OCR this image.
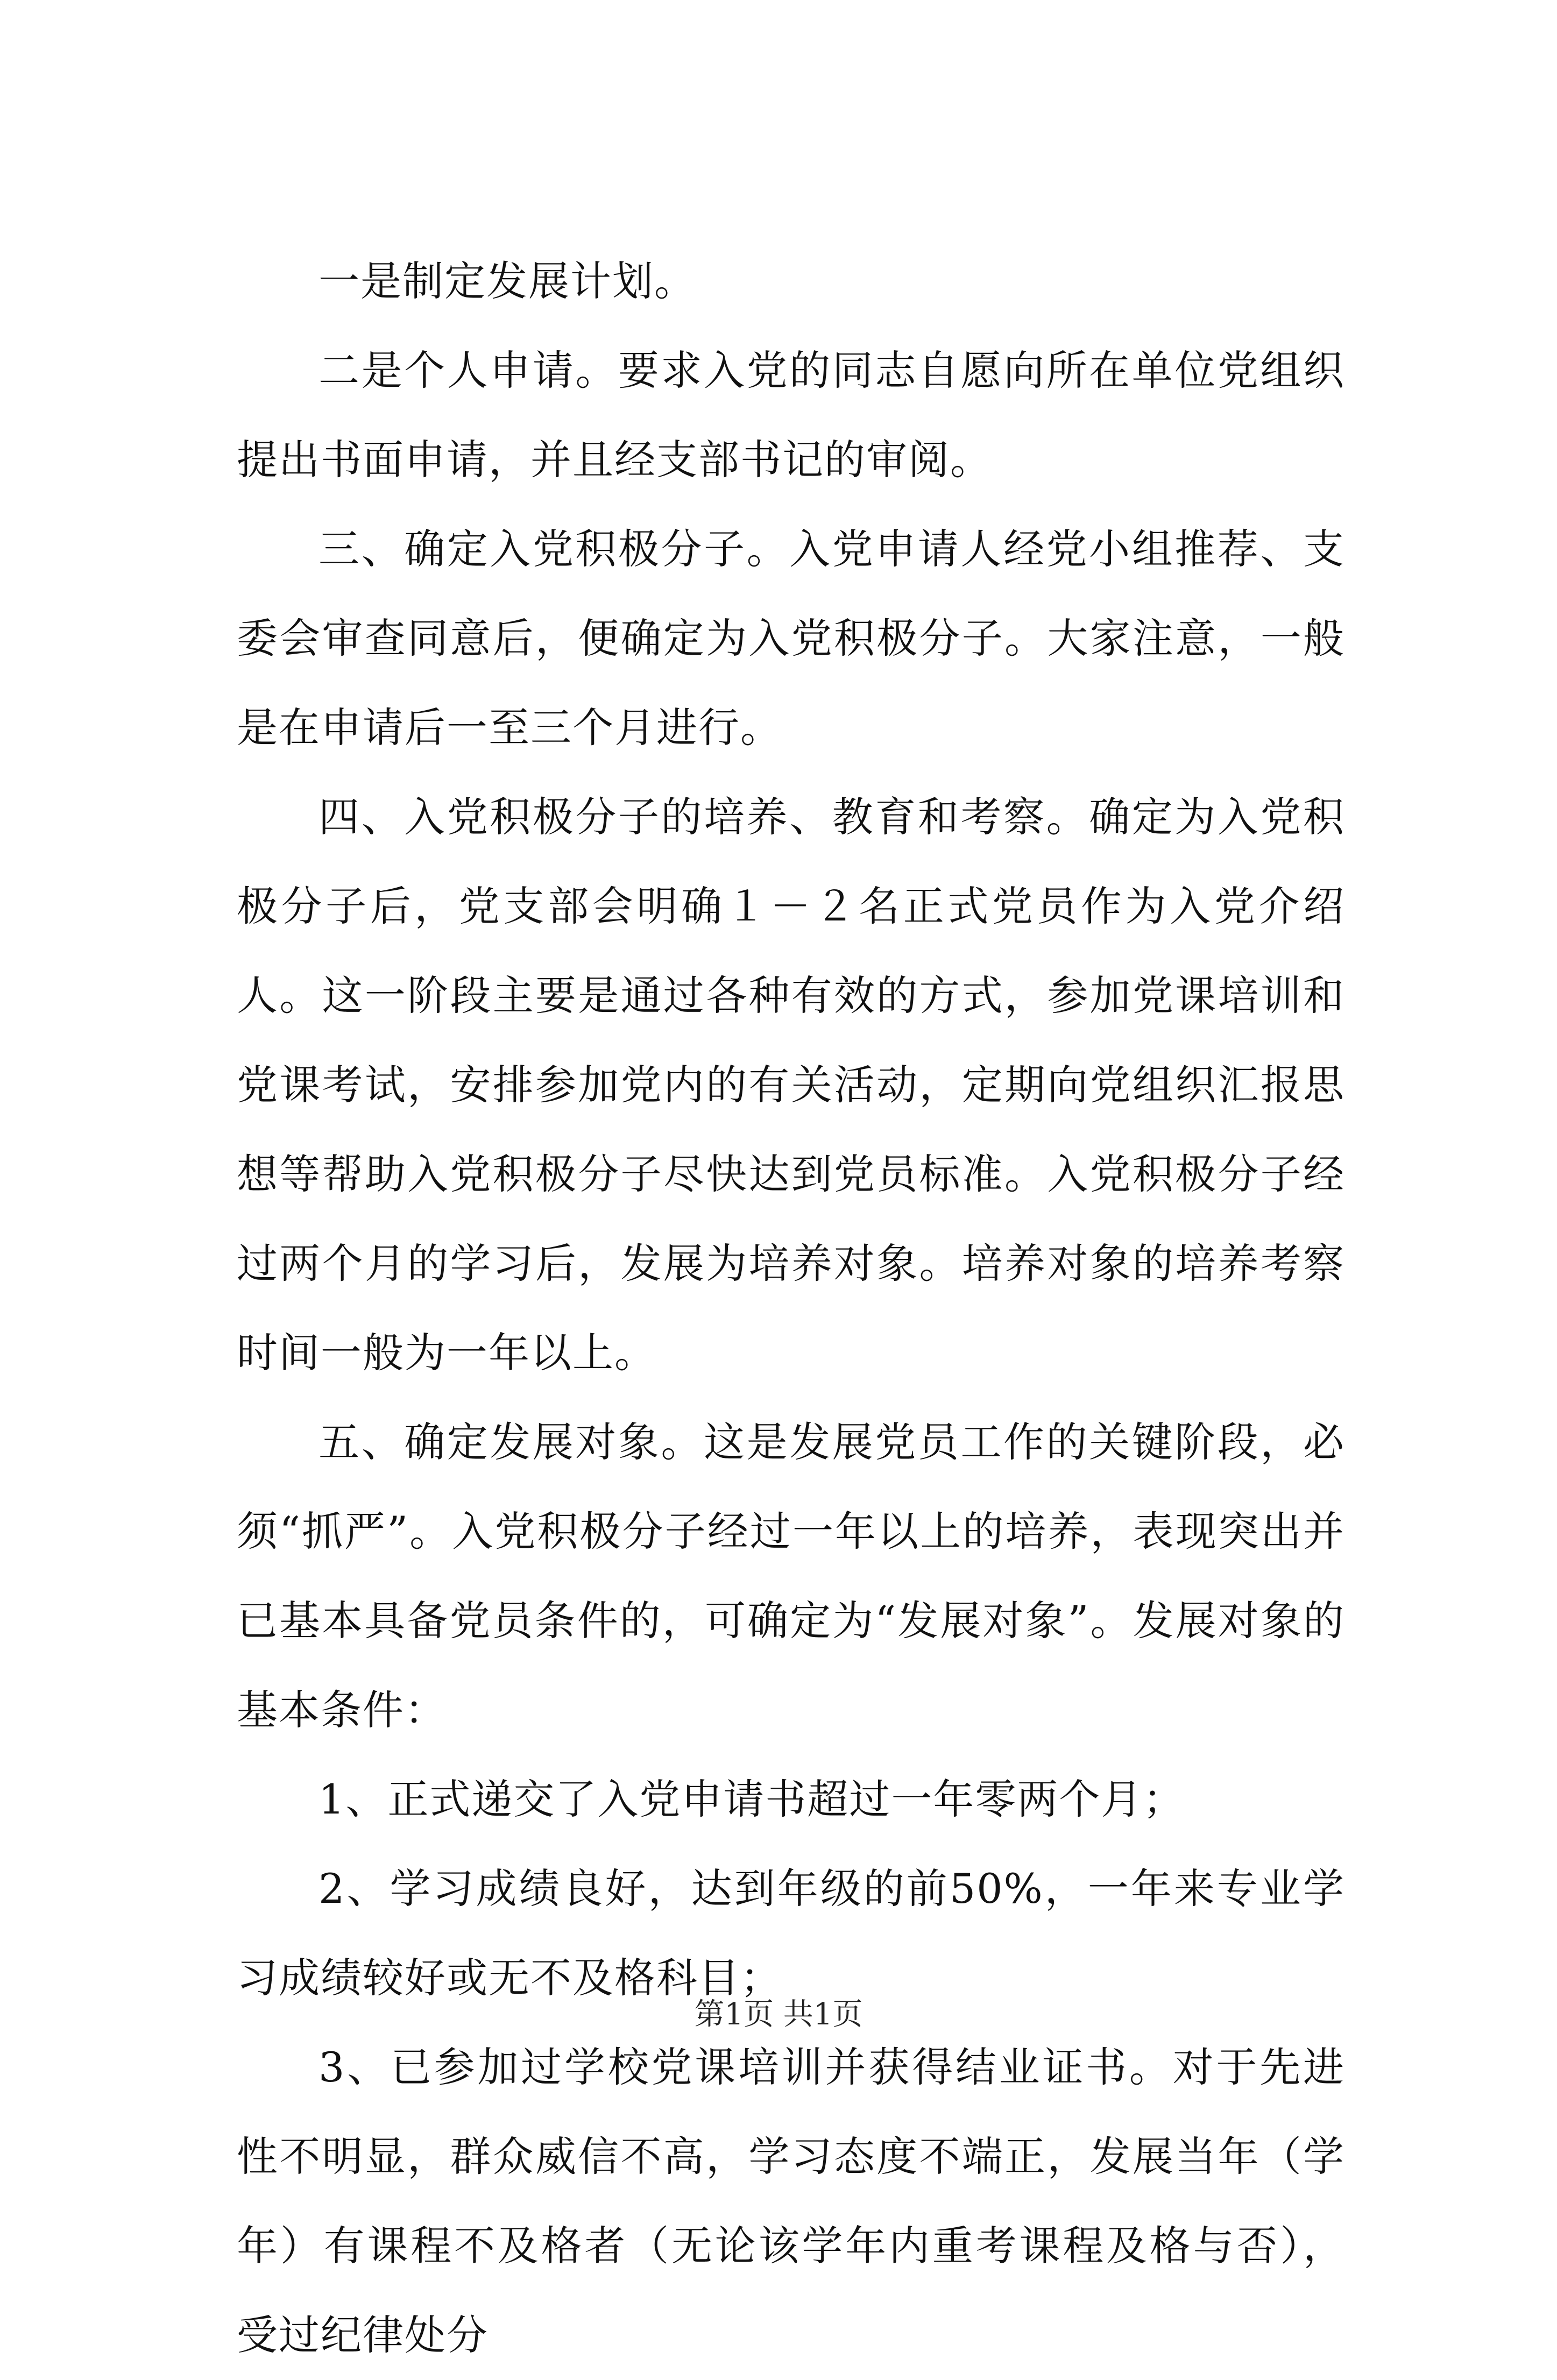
一是制定发展计划。

二是个人申请。要求入党的同志自愿向所在单位党组织提出书面申请，并且经支部书记的审阅。

三、确定入党积极分子。入党申请人经党小组推荐、支委会审查同意后，便确定为入党积极分子。大家注意，一般是在申请后一至三个月进行。

四、入党积极分子的培养、教育和考察。确定为入党积极分子后，党支部会明确１－２名正式党员作为入党介绍人。这一阶段主要是通过各种有效的方式，参加党课培训和党课考试，安排参加党内的有关活动，定期向党组织汇报思想等帮助入党积极分子尽快达到党员标准。入党积极分子经过两个月的学习后，发展为培养对象。培养对象的培养考察时间一般为一年以上。

五、确定发展对象。这是发展党员工作的关键阶段，必须“抓严”。入党积极分子经过一年以上的培养，表现突出并已基本具备党员条件的，可确定为“发展对象”。发展对象的基本条件：

1、正式递交了入党申请书超过一年零两个月；

2、学习成绩良好，达到年级的前50%，一年来专业学习成绩较好或无不及格科目；

3、已参加过学校党课培训并获得结业证书。对于先进性不明显，群众威信不高，学习态度不端正，发展当年（学年）有课程不及格者（无论该学年内重考课程及格与否），受过纪律处分

第1页 共1页
